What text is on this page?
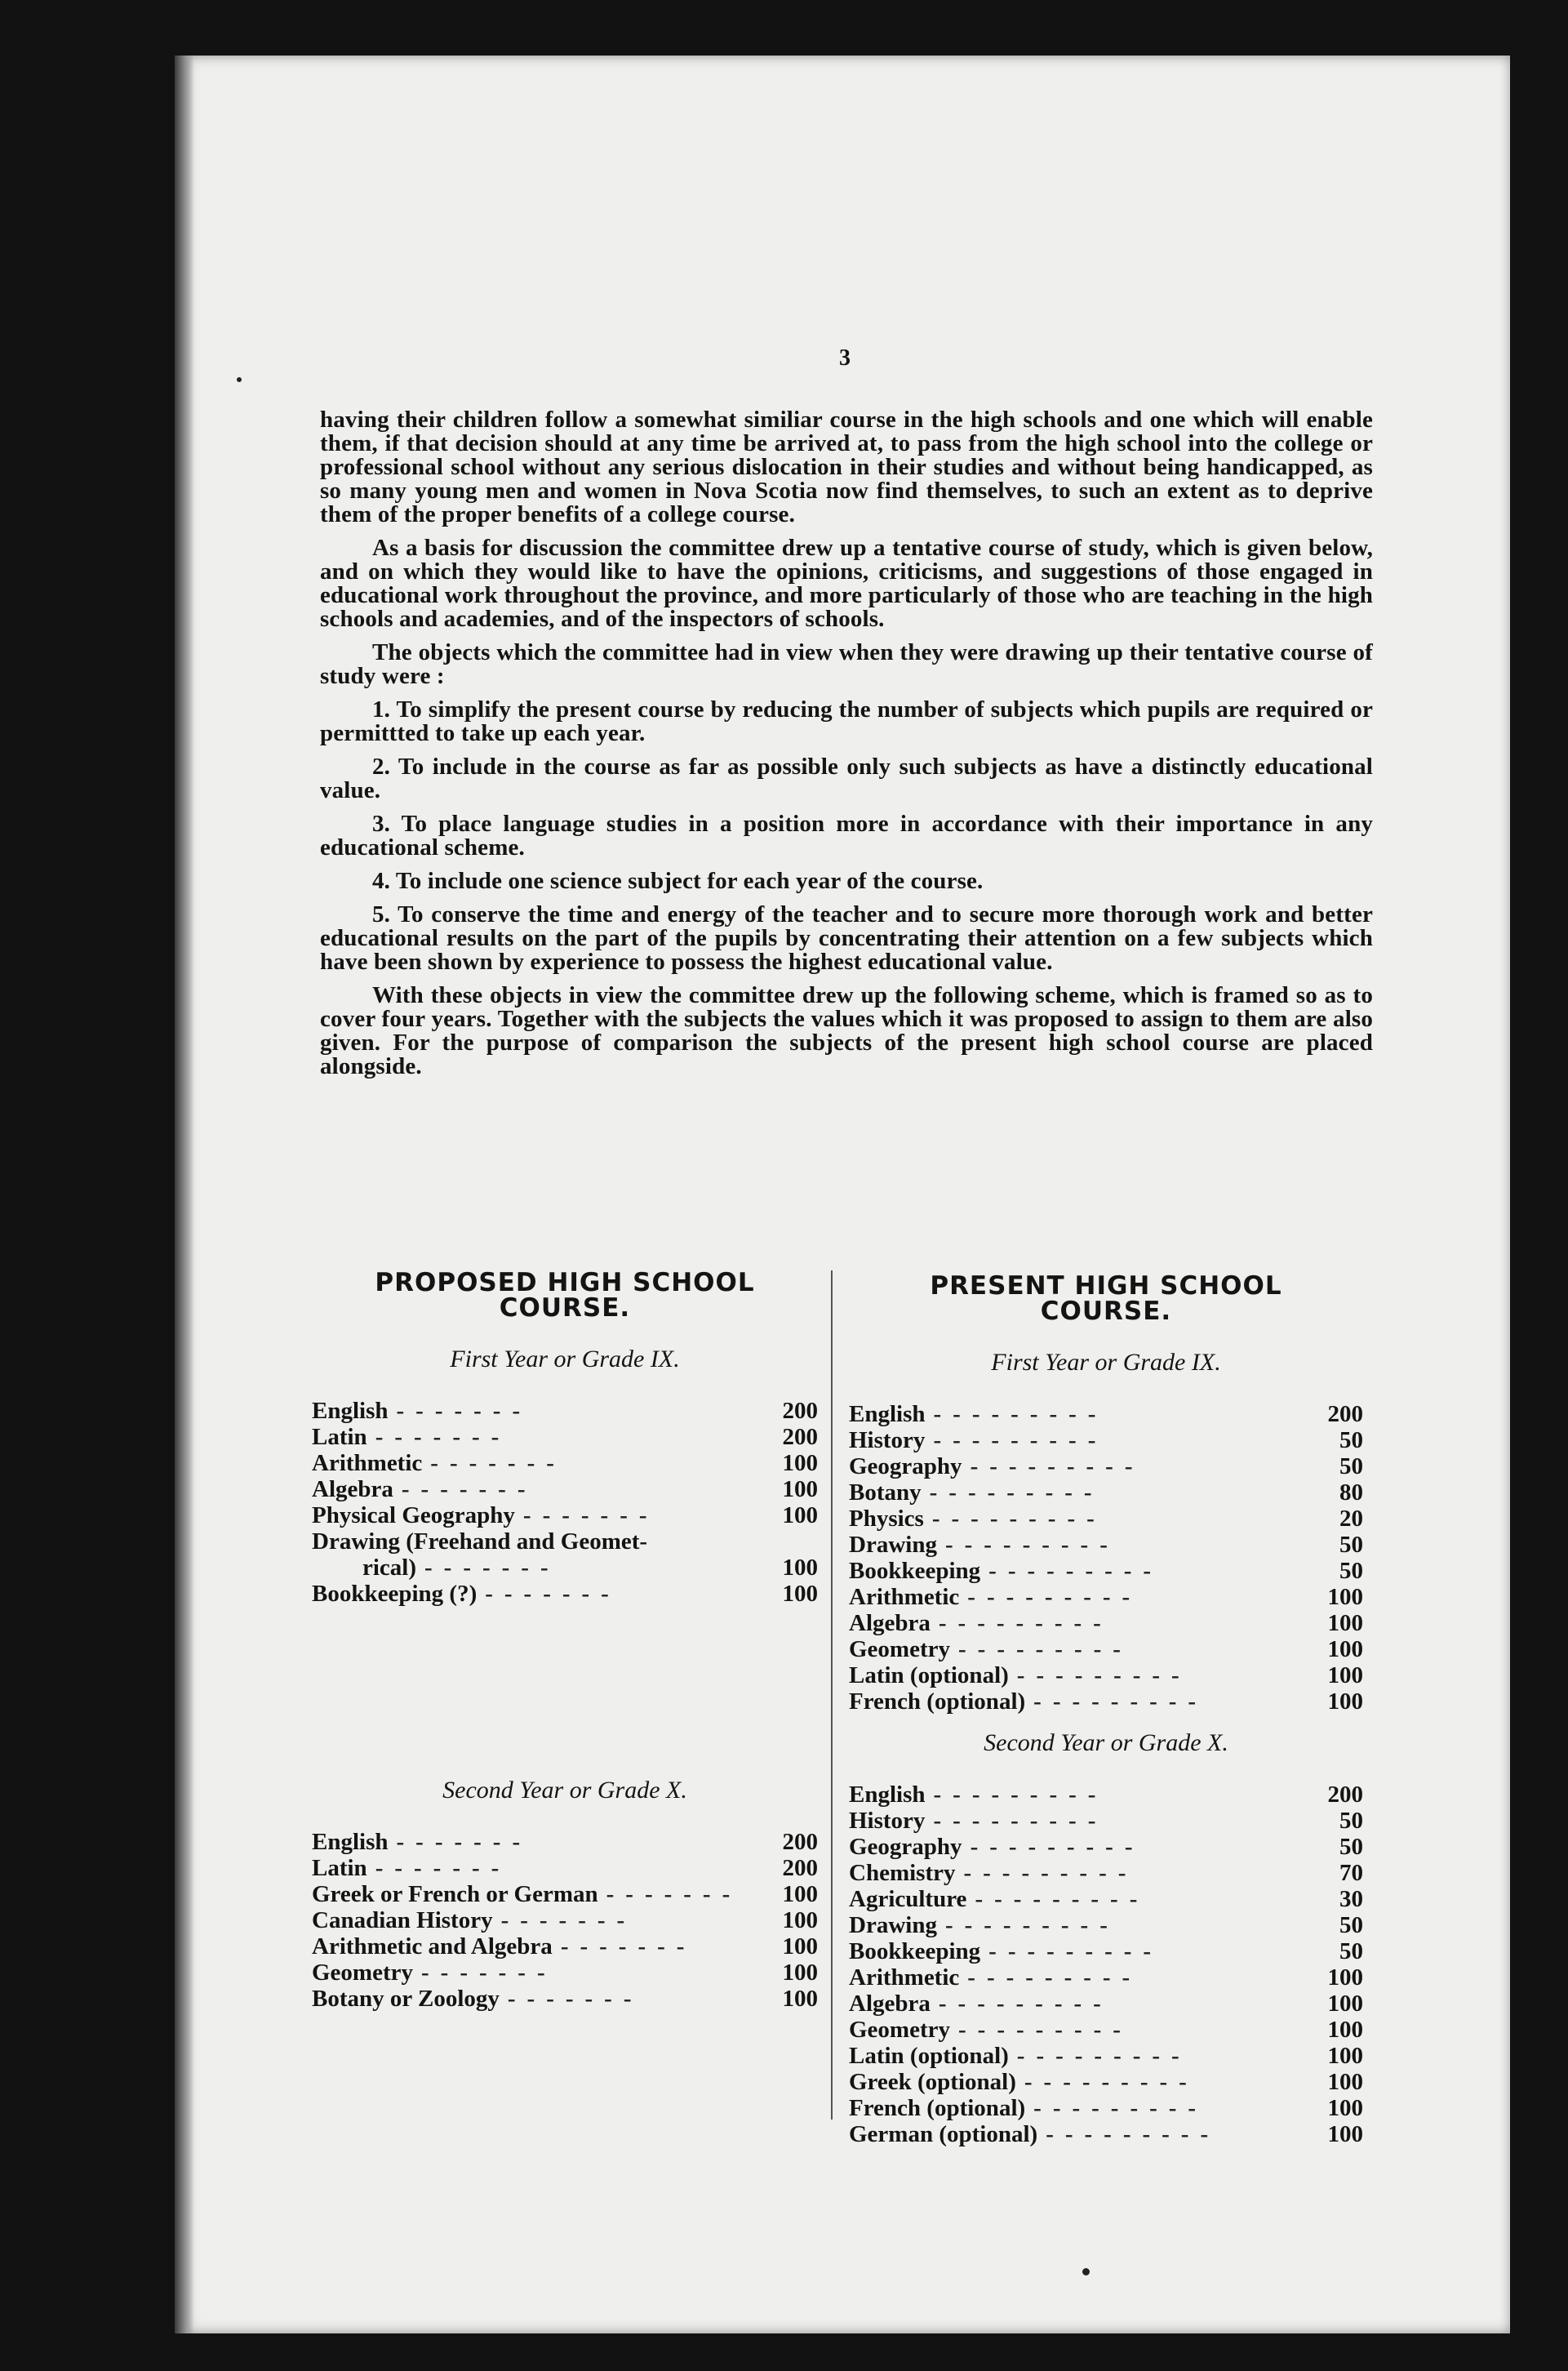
3

having their children follow a somewhat similiar course in the high schools and one which will enable them, if that decision should at any time be arrived at, to pass from the high school into the college or professional school without any serious dislocation in their studies and without being handicapped, as so many young men and women in Nova Scotia now find themselves, to such an extent as to deprive them of the proper benefits of a college course.

As a basis for discussion the committee drew up a tentative course of study, which is given below, and on which they would like to have the opinions, criticisms, and suggestions of those engaged in educational work throughout the province, and more particularly of those who are teaching in the high schools and academies, and of the inspectors of schools.

The objects which the committee had in view when they were drawing up their tentative course of study were :

1. To simplify the present course by reducing the number of subjects which pupils are required or permittted to take up each year.

2. To include in the course as far as possible only such subjects as have a distinctly educational value.

3. To place language studies in a position more in accordance with their importance in any educational scheme.

4. To include one science subject for each year of the course.

5. To conserve the time and energy of the teacher and to secure more thorough work and better educational results on the part of the pupils by concentrating their attention on a few subjects which have been shown by experience to possess the highest educational value.

With these objects in view the committee drew up the following scheme, which is framed so as to cover four years. Together with the subjects the values which it was proposed to assign to them are also given. For the purpose of comparison the subjects of the present high school course are placed alongside.

PROPOSED HIGH SCHOOL
COURSE.
First Year or Grade IX.
English -------	200
Latin -------	200
Arithmetic -------	100
Algebra -------	100
Physical Geography -------	100
Drawing (Freehand and Geomet-
rical) -------	100
Bookkeeping (?) -------	100
Second Year or Grade X.
English -------	200
Latin -------	200
Greek or French or German -------	100
Canadian History -------	100
Arithmetic and Algebra -------	100
Geometry -------	100
Botany or Zoology -------	100
PRESENT HIGH SCHOOL
COURSE.
First Year or Grade IX.
English ---------	200
History ---------	50
Geography ---------	50
Botany ---------	80
Physics ---------	20
Drawing ---------	50
Bookkeeping ---------	50
Arithmetic ---------	100
Algebra ---------	100
Geometry ---------	100
Latin (optional) ---------	100
French (optional) ---------	100
Second Year or Grade X.
English ---------	200
History ---------	50
Geography ---------	50
Chemistry ---------	70
Agriculture ---------	30
Drawing ---------	50
Bookkeeping ---------	50
Arithmetic ---------	100
Algebra ---------	100
Geometry ---------	100
Latin (optional) ---------	100
Greek (optional) ---------	100
French (optional) ---------	100
German (optional) ---------	100
